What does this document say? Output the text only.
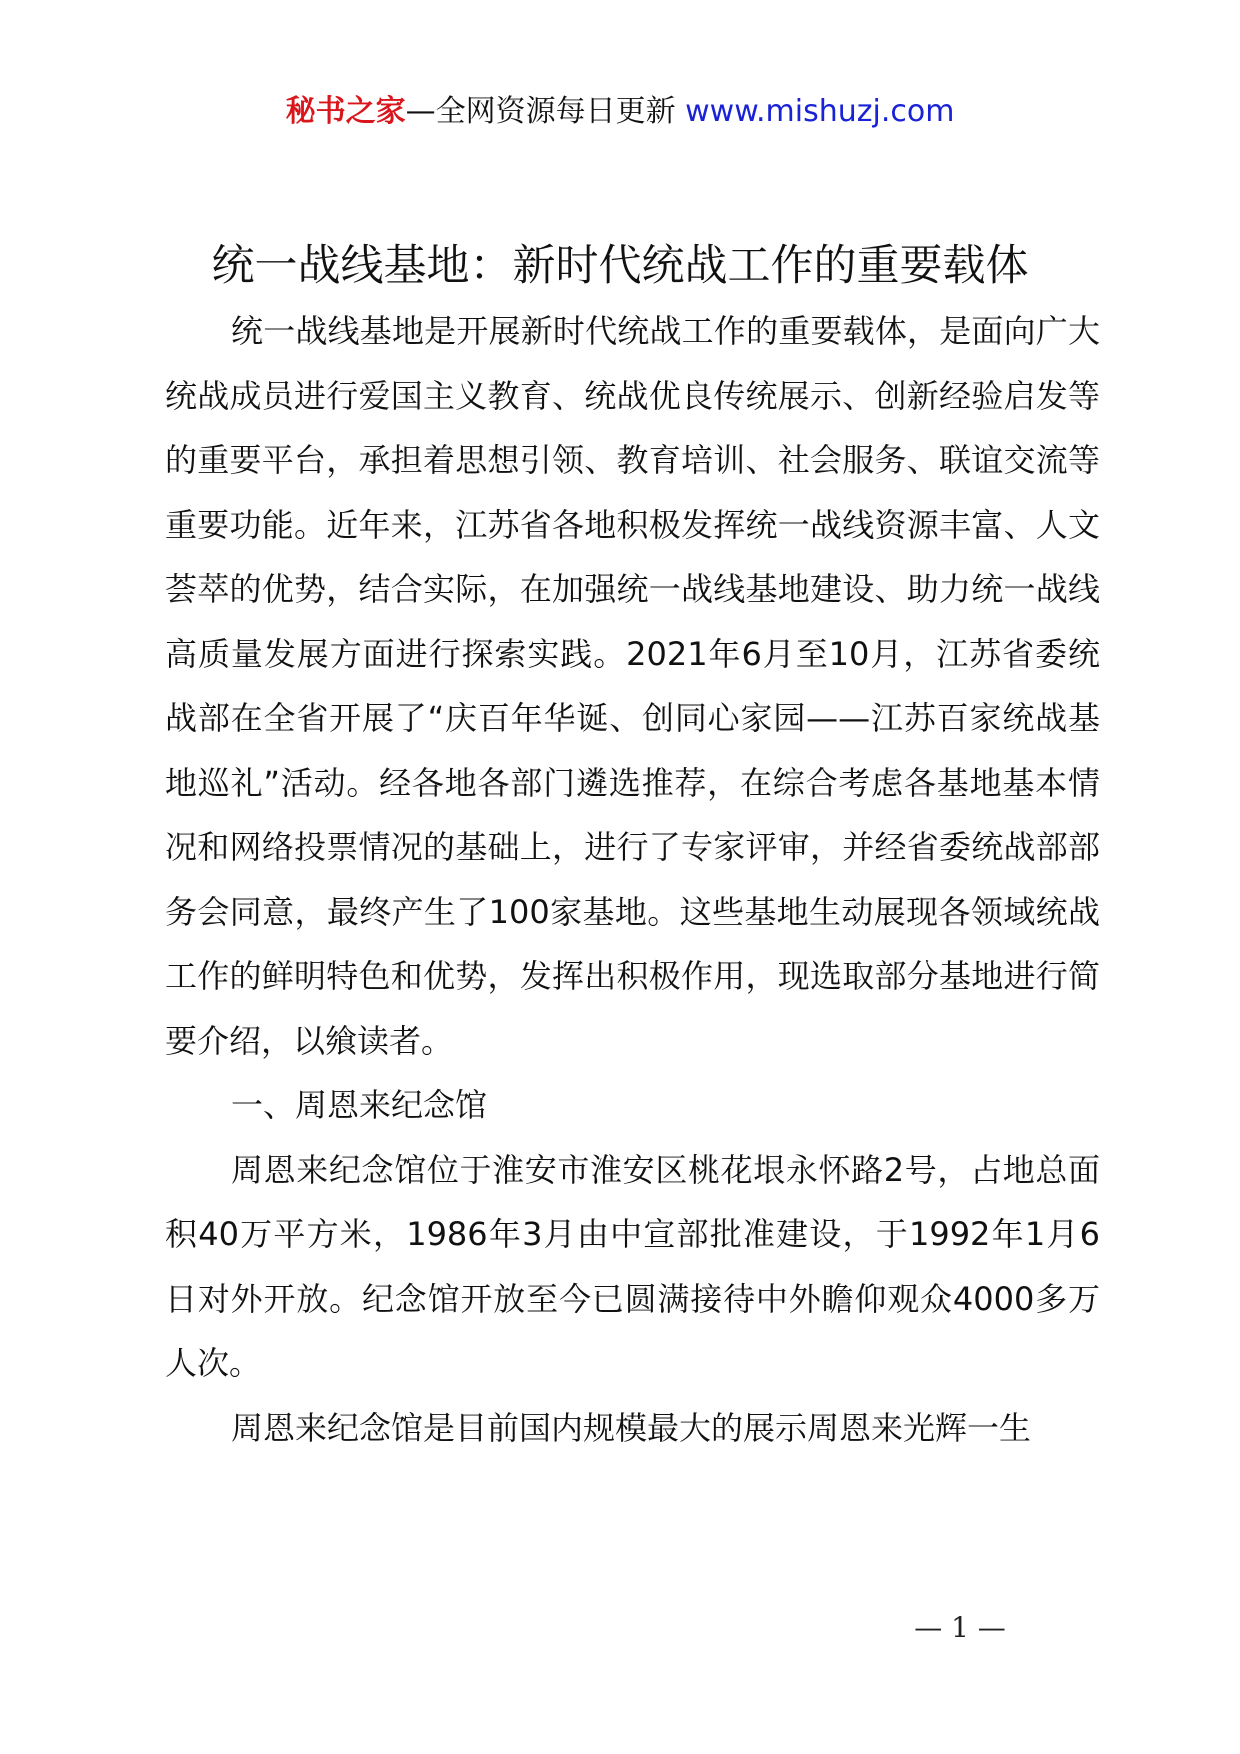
秘书之家—全网资源每日更新 www.mishuzj.com
统一战线基地：新时代统战工作的重要载体

统一战线基地是开展新时代统战工作的重要载体，是面向广大统战成员进行爱国主义教育、统战优良传统展示、创新经验启发等的重要平台，承担着思想引领、教育培训、社会服务、联谊交流等重要功能。近年来，江苏省各地积极发挥统一战线资源丰富、人文荟萃的优势，结合实际，在加强统一战线基地建设、助力统一战线高质量发展方面进行探索实践。2021年6月至10月，江苏省委统战部在全省开展了“庆百年华诞、创同心家园——江苏百家统战基地巡礼”活动。经各地各部门遴选推荐，在综合考虑各基地基本情况和网络投票情况的基础上，进行了专家评审，并经省委统战部部务会同意，最终产生了100家基地。这些基地生动展现各领域统战工作的鲜明特色和优势，发挥出积极作用，现选取部分基地进行简要介绍，以飨读者。

一、周恩来纪念馆

周恩来纪念馆位于淮安市淮安区桃花垠永怀路2号，占地总面积40万平方米，1986年3月由中宣部批准建设，于1992年1月6日对外开放。纪念馆开放至今已圆满接待中外瞻仰观众4000多万人次。

周恩来纪念馆是目前国内规模最大的展示周恩来光辉一生

— 1 —
